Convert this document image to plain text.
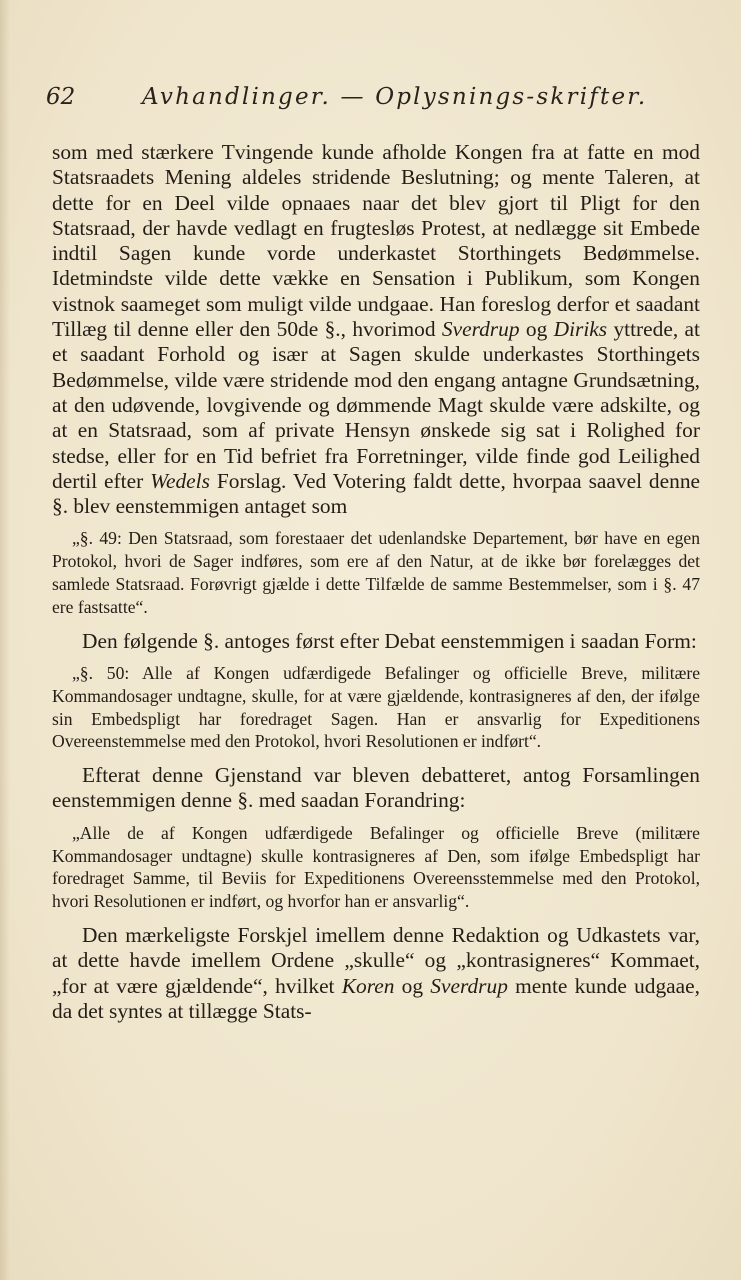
62	Avhandlinger. — Oplysnings-skrifter.

som med stærkere Tvingende kunde afholde Kongen fra at fatte en mod Statsraadets Mening aldeles stridende Beslutning; og mente Taleren, at dette for en Deel vilde opnaaes naar det blev gjort til Pligt for den Statsraad, der havde vedlagt en frugtesløs Protest, at nedlægge sit Embede indtil Sagen kunde vorde underkastet Storthingets Bedømmelse. Idetmindste vilde dette vække en Sensation i Publikum, som Kongen vistnok saameget som muligt vilde undgaae. Han foreslog derfor et saadant Tillæg til denne eller den 50de §., hvorimod Sverdrup og Diriks yttrede, at et saadant Forhold og især at Sagen skulde underkastes Storthingets Bedømmelse, vilde være stridende mod den engang antagne Grundsætning, at den udøvende, lovgivende og dømmende Magt skulde være adskilte, og at en Statsraad, som af private Hensyn ønskede sig sat i Rolighed for stedse, eller for en Tid befriet fra Forretninger, vilde finde god Leilighed dertil efter Wedels Forslag. Ved Votering faldt dette, hvorpaa saavel denne §. blev eenstemmigen antaget som

„§. 49: Den Statsraad, som forestaaer det udenlandske Departement, bør have en egen Protokol, hvori de Sager indføres, som ere af den Natur, at de ikke bør forelægges det samlede Statsraad. Forøvrigt gjælde i dette Tilfælde de samme Bestemmelser, som i §. 47 ere fastsatte“.

Den følgende §. antoges først efter Debat eenstemmigen i saadan Form:

„§. 50: Alle af Kongen udfærdigede Befalinger og officielle Breve, militære Kommandosager undtagne, skulle, for at være gjældende, kontrasigneres af den, der ifølge sin Embedspligt har foredraget Sagen. Han er ansvarlig for Expeditionens Overeenstemmelse med den Protokol, hvori Resolutionen er indført“.

Efterat denne Gjenstand var bleven debatteret, antog Forsamlingen eenstemmigen denne §. med saadan Forandring:

„Alle de af Kongen udfærdigede Befalinger og officielle Breve (militære Kommandosager undtagne) skulle kontrasigneres af Den, som ifølge Embedspligt har foredraget Samme, til Beviis for Expeditionens Overeensstemmelse med den Protokol, hvori Resolutionen er indført, og hvorfor han er ansvarlig“.

Den mærkeligste Forskjel imellem denne Redaktion og Udkastets var, at dette havde imellem Ordene „skulle“ og „kontrasigneres“ Kommaet, „for at være gjældende“, hvilket Koren og Sverdrup mente kunde udgaae, da det syntes at tillægge Stats-
